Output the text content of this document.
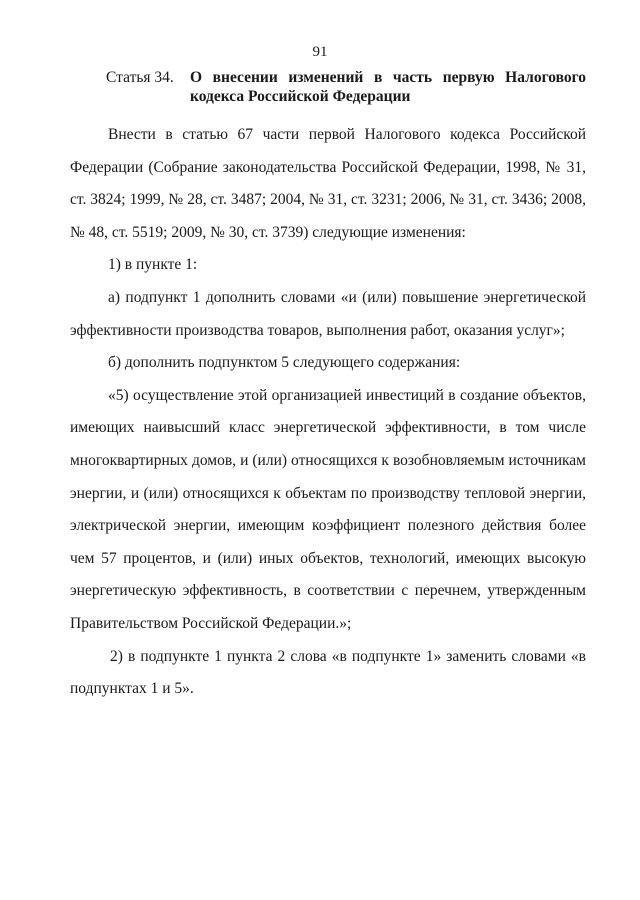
91
Статья 34. О внесении изменений в часть первую Налогового
кодекса Российской Федерации

Внести в статью 67 части первой Налогового кодекса Российской Федерации (Собрание законодательства Российской Федерации, 1998, № 31, ст. 3824; 1999, № 28, ст. 3487; 2004, № 31, ст. 3231; 2006, № 31, ст. 3436; 2008, № 48, ст. 5519; 2009, № 30, ст. 3739) следующие изменения:

1) в пункте 1:

а) подпункт 1 дополнить словами «и (или) повышение энергетической эффективности производства товаров, выполнения работ, оказания услуг»;

б) дополнить подпунктом 5 следующего содержания:

«5) осуществление этой организацией инвестиций в создание объектов, имеющих наивысший класс энергетической эффективности, в том числе многоквартирных домов, и (или) относящихся к возобновляемым источникам энергии, и (или) относящихся к объектам по производству тепловой энергии, электрической энергии, имеющим коэффициент полезного действия более чем 57 процентов, и (или) иных объектов, технологий, имеющих высокую энергетическую эффективность, в соответствии с перечнем, утвержденным Правительством Российской Федерации.»;

2) в подпункте 1 пункта 2 слова «в подпункте 1» заменить словами «в подпунктах 1 и 5».
